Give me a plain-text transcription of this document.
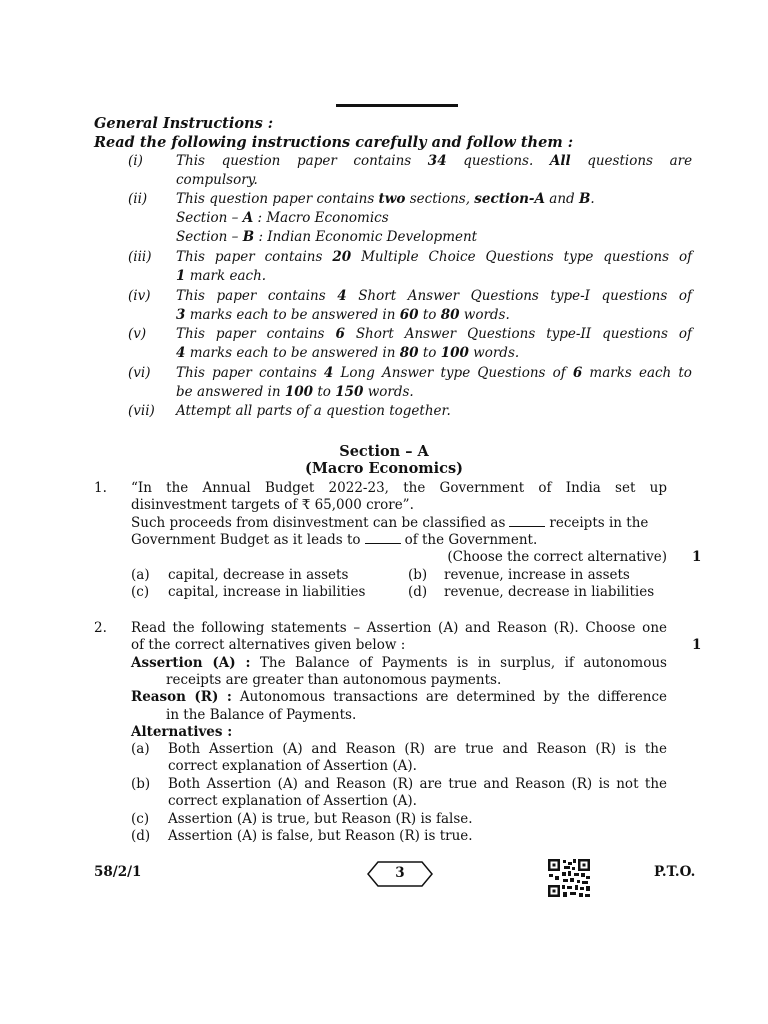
General Instructions :
Read the following instructions carefully and follow them :
(i) This question paper contains 34 questions. All questions are
compulsory.
(ii) This question paper contains two sections, section-A and B.
Section – A : Macro Economics
Section – B : Indian Economic Development
(iii) This paper contains 20 Multiple Choice Questions type questions of
1 mark each.
(iv) This paper contains 4 Short Answer Questions type-I questions of
3 marks each to be answered in 60 to 80 words.
(v) This paper contains 6 Short Answer Questions type-II questions of
4 marks each to be answered in 80 to 100 words.
(vi) This paper contains 4 Long Answer type Questions of 6 marks each to
be answered in 100 to 150 words.
(vii) Attempt all parts of a question together.
Section – A
(Macro Economics)
1. “In the Annual Budget 2022-23, the Government of India set up
disinvestment targets of ₹ 65,000 crore”.
Such proceeds from disinvestment can be classified as	receipts in the
Government Budget as it leads to	of the Government.
(Choose the correct alternative) 1
(a) capital, decrease in assets	(b) revenue, increase in assets
(c) capital, increase in liabilities	(d) revenue, decrease in liabilities
2. Read the following statements – Assertion (A) and Reason (R). Choose one
of the correct alternatives given below :	1
Assertion (A) : The Balance of Payments is in surplus, if autonomous
receipts are greater than autonomous payments.
Reason (R) : Autonomous transactions are determined by the difference
in the Balance of Payments.
Alternatives :
(a) Both Assertion (A) and Reason (R) are true and Reason (R) is the
correct explanation of Assertion (A).
(b) Both Assertion (A) and Reason (R) are true and Reason (R) is not the
correct explanation of Assertion (A).
(c) Assertion (A) is true, but Reason (R) is false.
(d) Assertion (A) is false, but Reason (R) is true.
58/2/1	3	P.T.O.
